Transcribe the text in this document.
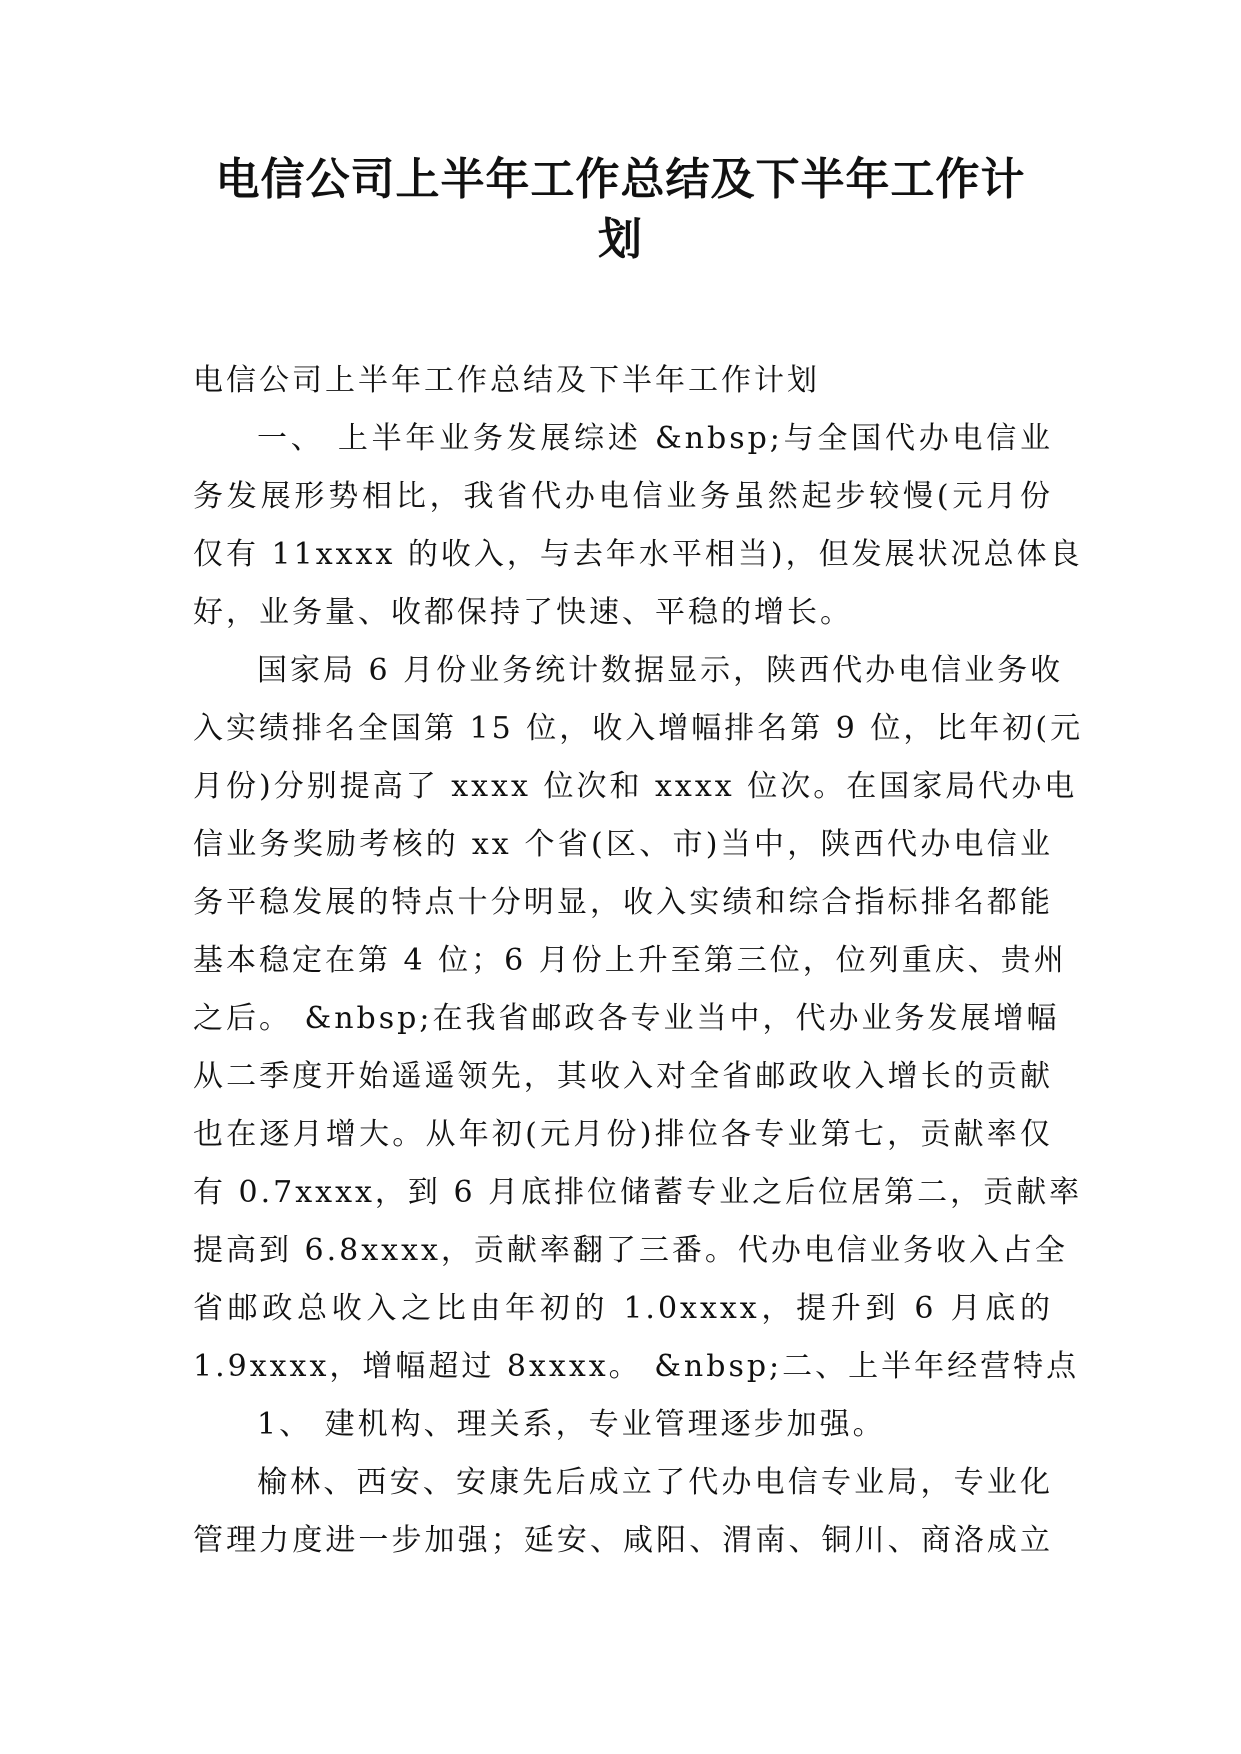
电信公司上半年工作总结及下半年工作计
划
电信公司上半年工作总结及下半年工作计划
一、 上半年业务发展综述 &nbsp;与全国代办电信业
务发展形势相比，我省代办电信业务虽然起步较慢(元月份
仅有 11xxxx 的收入，与去年水平相当)，但发展状况总体良
好，业务量、收都保持了快速、平稳的增长。
国家局 6 月份业务统计数据显示，陕西代办电信业务收
入实绩排名全国第 15 位，收入增幅排名第 9 位，比年初(元
月份)分别提高了 xxxx 位次和 xxxx 位次。在国家局代办电
信业务奖励考核的 xx 个省(区、市)当中，陕西代办电信业
务平稳发展的特点十分明显，收入实绩和综合指标排名都能
基本稳定在第 4 位；6 月份上升至第三位，位列重庆、贵州
之后。 &nbsp;在我省邮政各专业当中，代办业务发展增幅
从二季度开始遥遥领先，其收入对全省邮政收入增长的贡献
也在逐月增大。从年初(元月份)排位各专业第七，贡献率仅
有 0.7xxxx，到 6 月底排位储蓄专业之后位居第二，贡献率
提高到 6.8xxxx，贡献率翻了三番。代办电信业务收入占全
省邮政总收入之比由年初的 1.0xxxx，提升到 6 月底的
1.9xxxx，增幅超过 8xxxx。 &nbsp;二、上半年经营特点
1、 建机构、理关系，专业管理逐步加强。
榆林、西安、安康先后成立了代办电信专业局，专业化
管理力度进一步加强；延安、咸阳、渭南、铜川、商洛成立
